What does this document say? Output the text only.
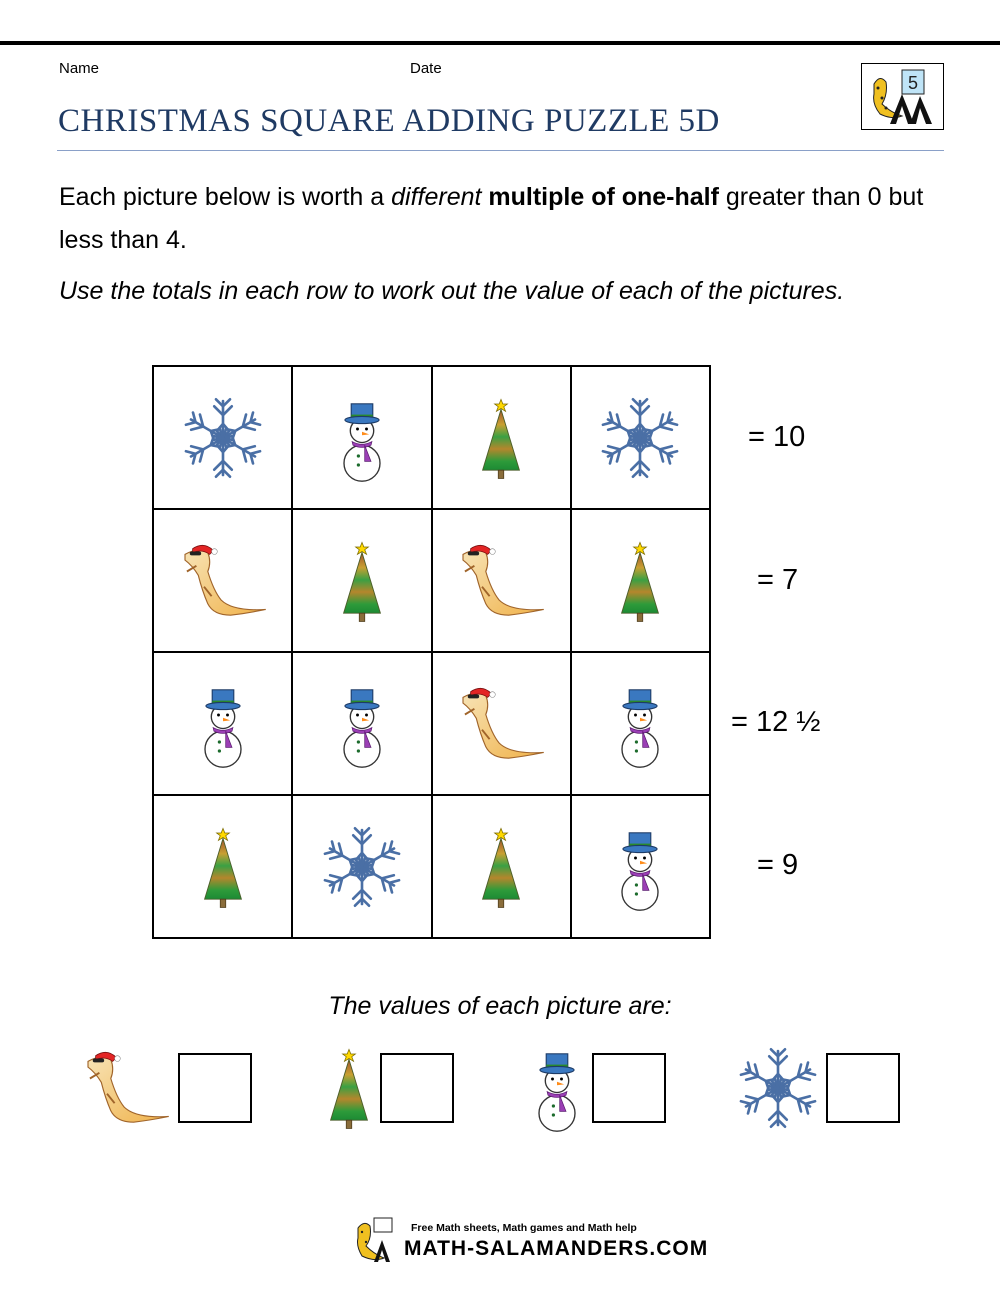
Name	Date
5
CHRISTMAS SQUARE ADDING PUZZLE 5D
Each picture below is worth a different multiple of one-half greater than 0 but less than 4.
Use the totals in each row to work out the value of each of the pictures.
= 10
= 7
= 12 ½
= 9
The values of each picture are:
Free Math sheets, Math games and Math help
MATH-SALAMANDERS.COM
